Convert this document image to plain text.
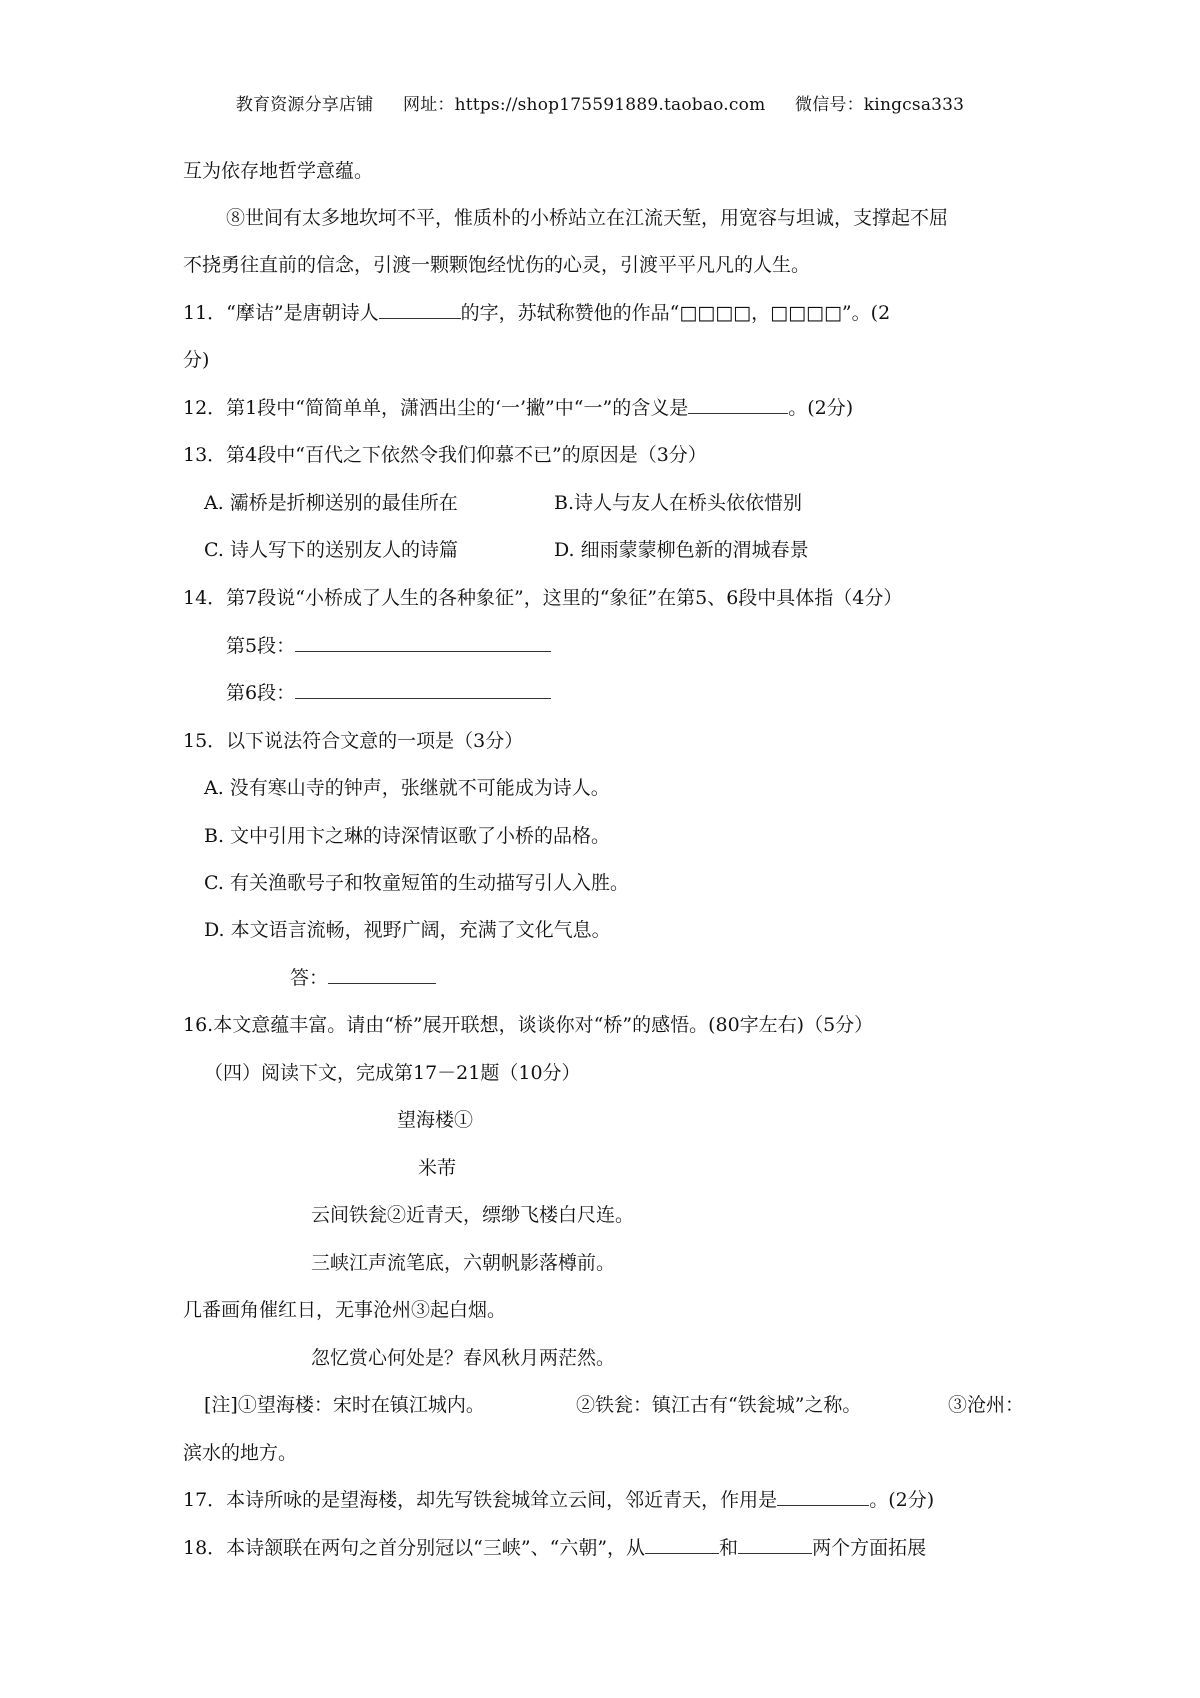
教育资源分享店铺 网址：https://shop175591889.taobao.com 微信号：kingcsa333
互为依存地哲学意蕴。
⑧世间有太多地坎坷不平，惟质朴的小桥站立在江流天堑，用宽容与坦诚，支撑起不屈
不挠勇往直前的信念，引渡一颗颗饱经忧伤的心灵，引渡平平凡凡的人生。
11．“摩诘”是唐朝诗人	的字，苏轼称赞他的作品“□□□□，□□□□”。(2
分)
12．第1段中“简简单单，潇洒出尘的‘一’撇”中“一”的含义是	。(2分)
13．第4段中“百代之下依然令我们仰慕不已”的原因是（3分）
A. 灞桥是折柳送别的最佳所在	B.诗人与友人在桥头依依惜别
C. 诗人写下的送别友人的诗篇	D. 细雨蒙蒙柳色新的渭城春景
14．第7段说“小桥成了人生的各种象征”，这里的“象征”在第5、6段中具体指（4分）
第5段：
第6段：
15．以下说法符合文意的一项是（3分）
A. 没有寒山寺的钟声，张继就不可能成为诗人。
B. 文中引用卞之琳的诗深情讴歌了小桥的品格。
C. 有关渔歌号子和牧童短笛的生动描写引人入胜。
D. 本文语言流畅，视野广阔，充满了文化气息。
答：
16.本文意蕴丰富。请由“桥”展开联想，谈谈你对“桥”的感悟。(80字左右)（5分）
（四）阅读下文，完成第17－21题（10分）
望海楼①
米芾
云间铁瓮②近青天，缥缈飞楼白尺连。
三峡江声流笔底，六朝帆影落樽前。
几番画角催红日，无事沧州③起白烟。
忽忆赏心何处是？春风秋月两茫然。
[注]①望海楼：宋时在镇江城内。	②铁瓮：镇江古有“铁瓮城”之称。	③沧州：
滨水的地方。
17．本诗所咏的是望海楼，却先写铁瓮城耸立云间，邻近青天，作用是	。(2分)
18．本诗颔联在两句之首分别冠以“三峡”、“六朝”，从	和	两个方面拓展
